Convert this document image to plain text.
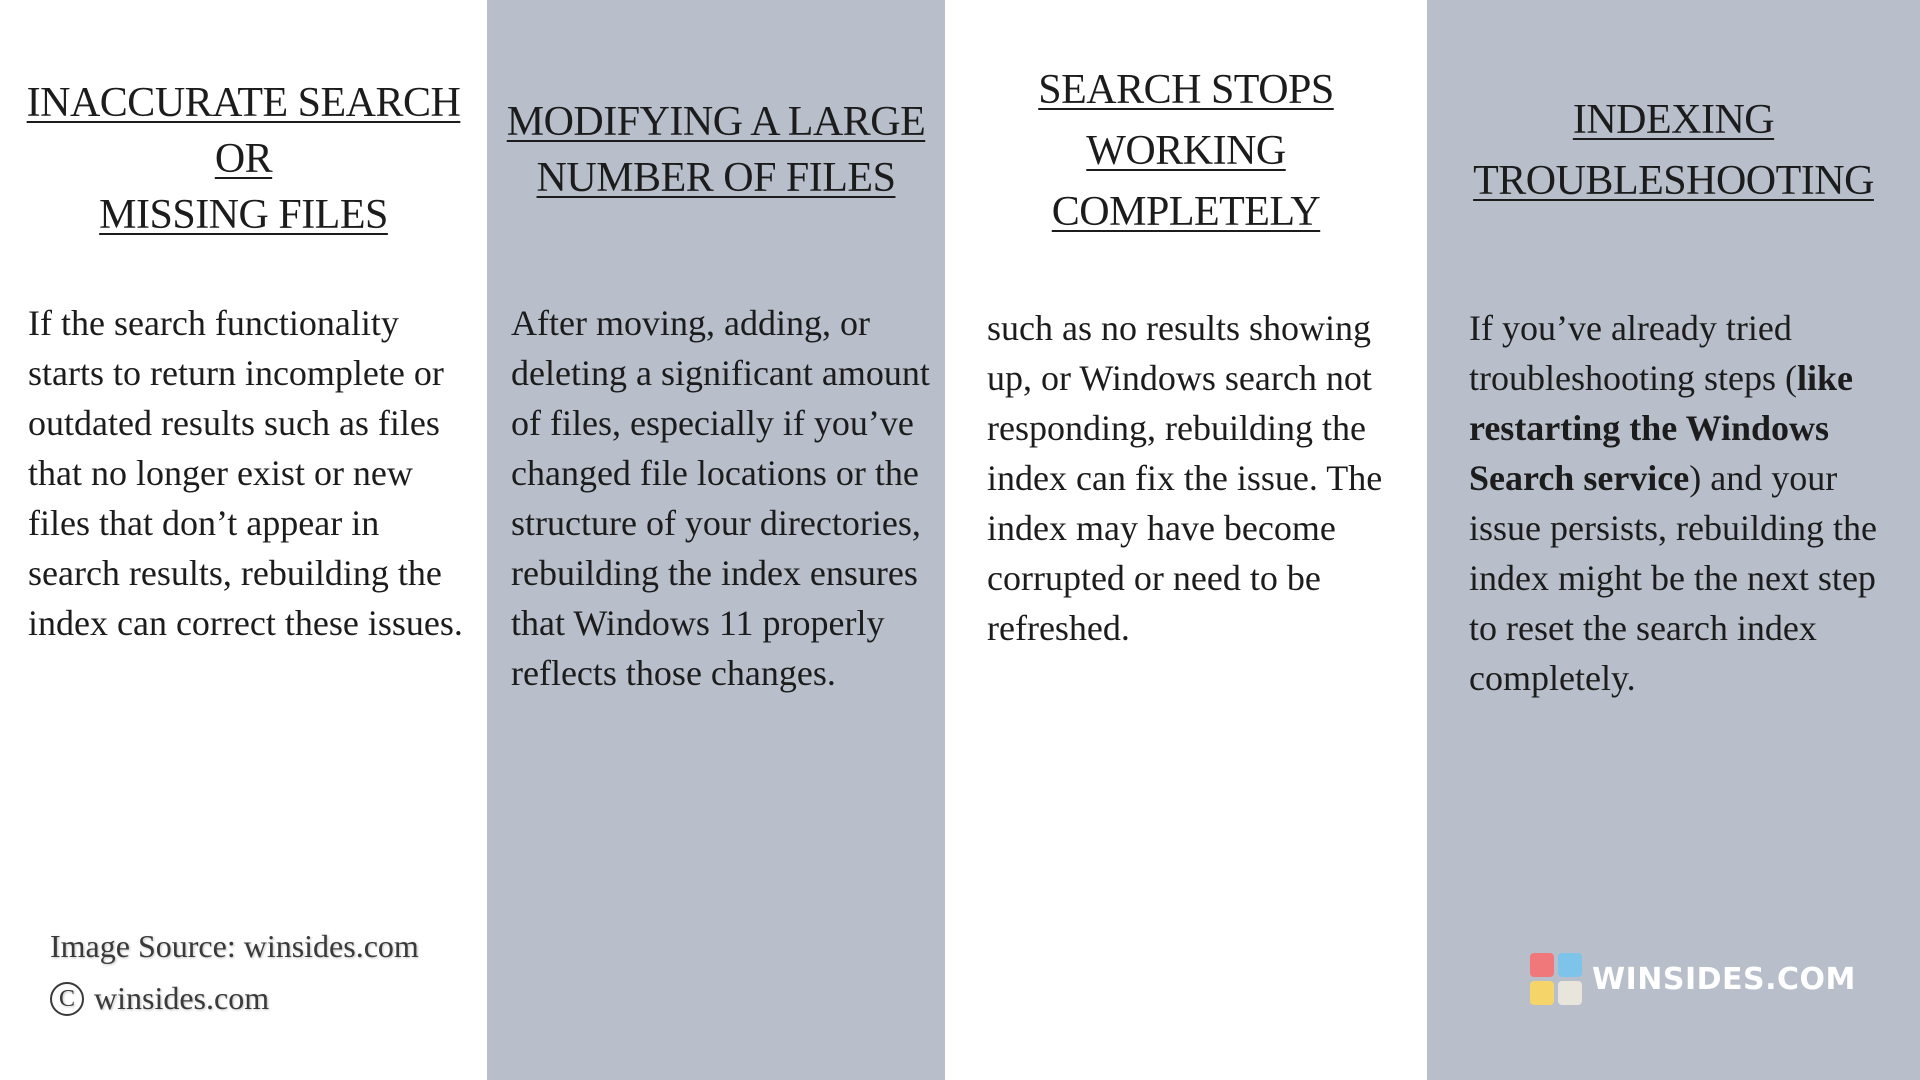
INACCURATE SEARCH
OR
MISSING FILES
If the search functionality starts to return incomplete or outdated results such as files that no longer exist or new files that don’t appear in search results, rebuilding the index can correct these issues.
Image Source: winsides.com
C winsides.com
MODIFYING A LARGE
NUMBER OF FILES
After moving, adding, or deleting a significant amount of files, especially if you’ve changed file locations or the structure of your directories, rebuilding the index ensures that Windows 11 properly reflects those changes.
SEARCH STOPS
WORKING
COMPLETELY
such as no results showing up, or Windows search not responding, rebuilding the index can fix the issue. The index may have become corrupted or need to be refreshed.
INDEXING
TROUBLESHOOTING
If you’ve already tried troubleshooting steps (like restarting the Windows Search service) and your issue persists, rebuilding the index might be the next step to reset the search index completely.
WINSIDES.COM
